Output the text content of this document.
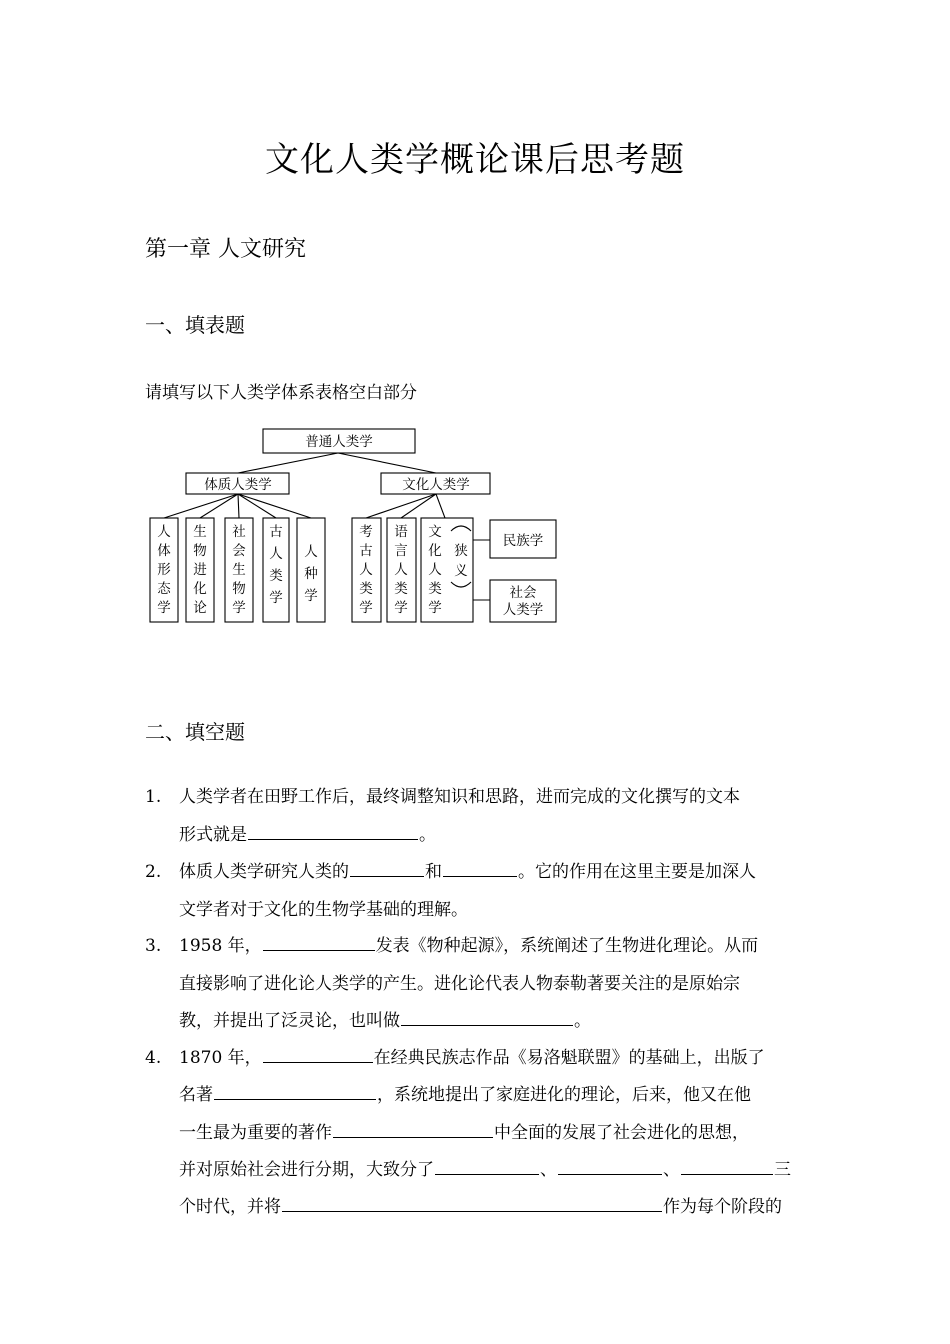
文化人类学概论课后思考题
第一章 人文研究
一、填表题
请填写以下人类学体系表格空白部分
普通人类学
体质人类学	文化人类学
人体形态学
生物进化论
社会生物学
古人类学
人种学
考古人类学
语言人类学
文化人类学
狭义
民族学
社会
人类学
二、填空题
1. 人类学者在田野工作后，最终调整知识和思路，进而完成的文化撰写的文本
形式就是	。
2. 体质人类学研究人类的	和	。它的作用在这里主要是加深人
文学者对于文化的生物学基础的理解。
3. 1958 年，	发表《物种起源》，系统阐述了生物进化理论。从而
直接影响了进化论人类学的产生。进化论代表人物泰勒著要关注的是原始宗
教，并提出了泛灵论，也叫做	。
4. 1870 年，	在经典民族志作品《易洛魁联盟》的基础上，出版了
名著	，系统地提出了家庭进化的理论，后来，他又在他
一生最为重要的著作	中全面的发展了社会进化的思想，
并对原始社会进行分期，大致分了	、	、	三
个时代，并将	作为每个阶段的
